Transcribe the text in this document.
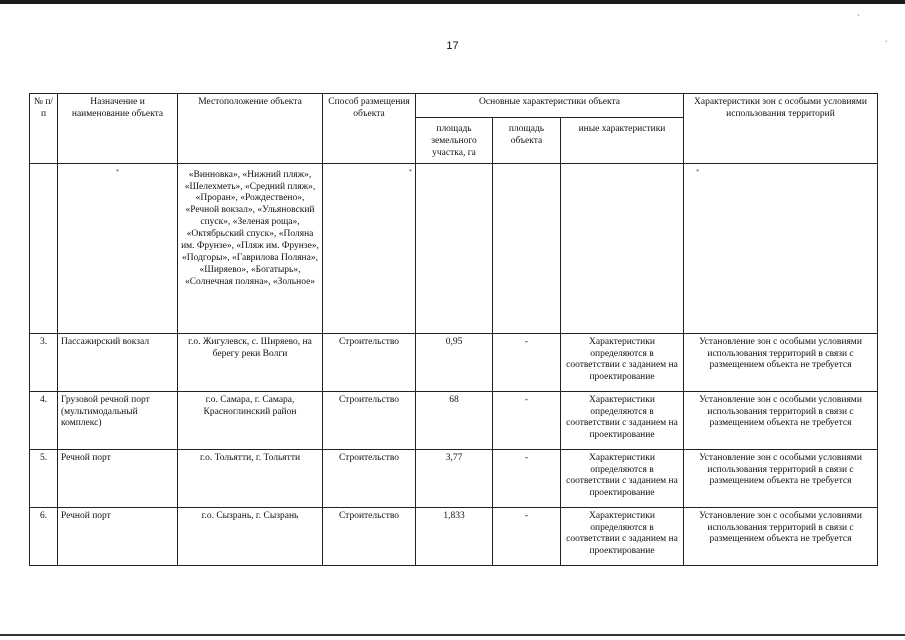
`
´
17
№ п/п	Назначение и наименование объекта	Местоположение объекта	Способ размещения объекта	Основные характеристики объекта			Характеристики зон с особыми условиями использования территорий
				площадь земельного участка, га	площадь объекта	иные характеристики	
	*	«Винновка», «Нижний пляж», «Шелехметь», «Средний пляж», «Проран», «Рождествено», «Речной вокзал», «Ульяновский спуск», «Зеленая роща», «Октябрьский спуск», «Поляна им. Фрунзе», «Пляж им. Фрунзе», «Подгоры», «Гаврилова Поляна», «Ширяево», «Богатырь», «Солнечная поляна», «Зольное»	*				*
3.	Пассажирский вокзал	г.о. Жигулевск, с. Ширяево, на берегу реки Волги	Строительство	0,95	-	Характеристики определяются в соответствии с заданием на проектирование	Установление зон с особыми условиями использования территорий в связи с размещением объекта не требуется
4.	Грузовой речной порт (мультимодальный комплекс)	г.о. Самара, г. Самара, Красноглинский район	Строительство	68	-	Характеристики определяются в соответствии с заданием на проектирование	Установление зон с особыми условиями использования территорий в связи с размещением объекта не требуется
5.	Речной порт	г.о. Тольятти, г. Тольятти	Строительство	3,77	-	Характеристики определяются в соответствии с заданием на проектирование	Установление зон с особыми условиями использования территорий в связи с размещением объекта не требуется
6.	Речной порт	г.о. Сызрань, г. Сызрань	Строительство	1,833	-	Характеристики определяются в соответствии с заданием на проектирование	Установление зон с особыми условиями использования территорий в связи с размещением объекта не требуется
